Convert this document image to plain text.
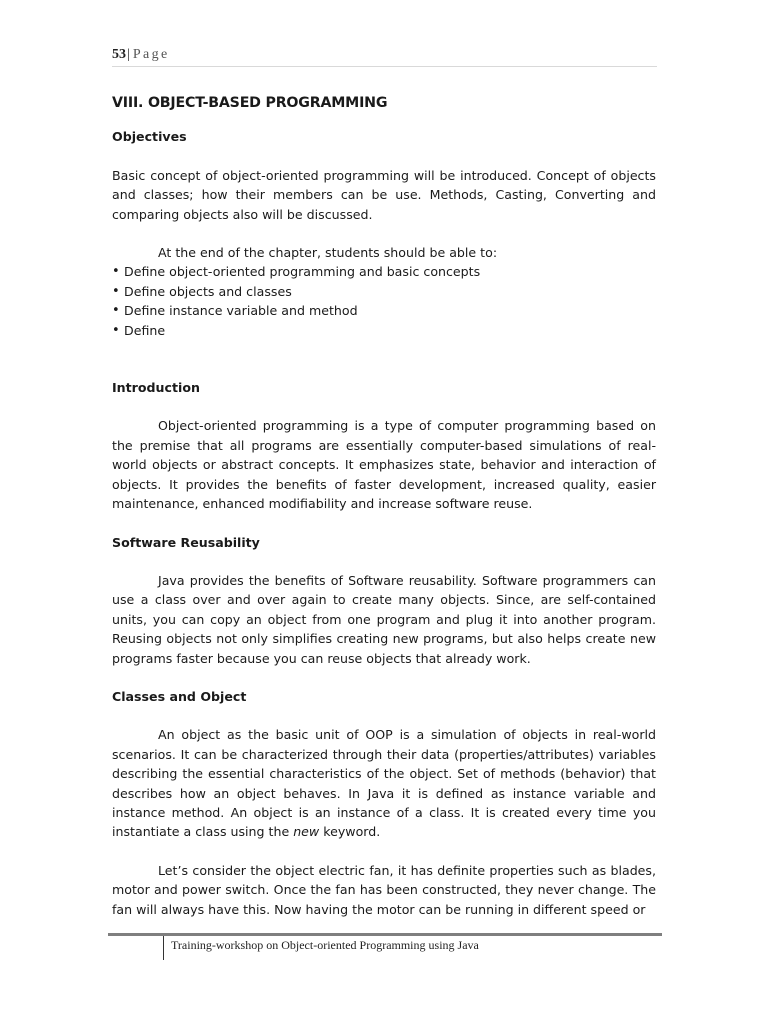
53| Page
VIII. OBJECT-BASED PROGRAMMING
Objectives

Basic concept of object-oriented programming will be introduced. Concept of objects and classes; how their members can be use. Methods, Casting, Converting and comparing objects also will be discussed.

At the end of the chapter, students should be able to:
• Define object-oriented programming and basic concepts
• Define objects and classes
• Define instance variable and method
• Define
Introduction

Object-oriented programming is a type of computer programming based on the premise that all programs are essentially computer-based simulations of real-world objects or abstract concepts. It emphasizes state, behavior and interaction of objects. It provides the benefits of faster development, increased quality, easier maintenance, enhanced modifiability and increase software reuse.

Software Reusability

Java provides the benefits of Software reusability. Software programmers can use a class over and over again to create many objects. Since, are self-contained units, you can copy an object from one program and plug it into another program. Reusing objects not only simplifies creating new programs, but also helps create new programs faster because you can reuse objects that already work.

Classes and Object

An object as the basic unit of OOP is a simulation of objects in real-world scenarios. It can be characterized through their data (properties/attributes) variables describing the essential characteristics of the object. Set of methods (behavior) that describes how an object behaves. In Java it is defined as instance variable and instance method. An object is an instance of a class. It is created every time you instantiate a class using the new keyword.

Let’s consider the object electric fan, it has definite properties such as blades, motor and power switch. Once the fan has been constructed, they never change. The fan will always have this. Now having the motor can be running in different speed or

Training-workshop on Object-oriented Programming using Java
